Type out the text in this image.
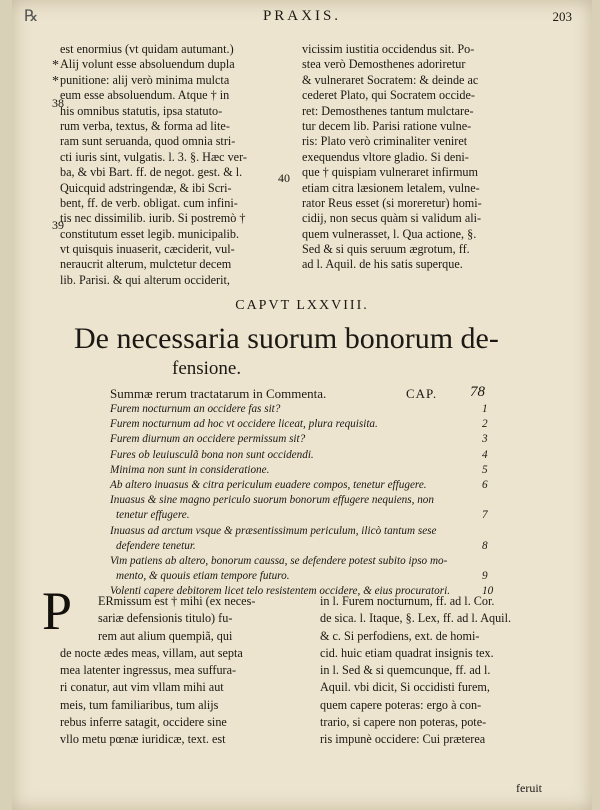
℞	PRAXIS.	203
*
*
38
39
40
est enormius (vt quidam autumant.)
Alij volunt esse absoluendum dupla
punitione: alij verò minima mulcta
eum esse absoluendum. Atque † in
his omnibus statutis, ipsa statuto-
rum verba, textus, & forma ad lite-
ram sunt seruanda, quod omnia stri-
cti iuris sint, vulgatis. l. 3. §. Hæc ver-
ba, & vbi Bart. ff. de negot. gest. & l.
Quicquid adstringendæ, & ibi Scri-
bent, ff. de verb. obligat. cum infini-
tis nec dissimilib. iurib. Si postremò †
constitutum esset legib. municipalib.
vt quisquis inuaserit, cæciderit, vul-
neraucrit alterum, mulctetur decem
lib. Parisi. & qui alterum occiderit,
vicissim iustitia occidendus sit. Po-
stea verò Demosthenes adoriretur
& vulneraret Socratem: & deinde ac
cederet Plato, qui Socratem occide-
ret: Demosthenes tantum mulctare-
tur decem lib. Parisi ratione vulne-
ris: Plato verò criminaliter veniret
exequendus vltore gladio. Si deni-
que † quispiam vulneraret infirmum
etiam citra læsionem letalem, vulne-
rator Reus esset (si moreretur) homi-
cidij, non secus quàm si validum ali-
quem vulnerasset, l. Qua actione, §.
Sed & si quis seruum ægrotum, ff.
ad l. Aquil. de his satis superque.
CAPVT LXXVIII.
De necessaria suorum bonorum de-
fensione.
Summæ rerum tractatarum in Commenta.	CAP. 78
Furem nocturnum an occidere fas sit?	1
Furem nocturnum ad hoc vt occidere liceat, plura requisita.	2
Furem diurnum an occidere permissum sit?	3
Fures ob leuiusculã bona non sunt occidendi.	4
Minima non sunt in consideratione.	5
Ab altero inuasus & citra periculum euadere compos, tenetur effugere.	6
Inuasus & sine magno periculo suorum bonorum effugere nequiens, non
tenetur effugere.	7
Inuasus ad arctum vsque & præsentissimum periculum, ilicò tantum sese
defendere tenetur.	8
Vim patiens ab altero, bonorum caussa, se defendere potest subito ipso mo-
mento, & quouis etiam tempore futuro.	9
Volenti capere debitorem licet telo resistentem occidere, & eius procuratori.	10
P	ERmissum est † mihi (ex neces-
sariæ defensionis titulo) fu-
rem aut alium quempiã, qui
de nocte ædes meas, villam, aut septa
mea latenter ingressus, mea suffura-
ri conatur, aut vim vllam mihi aut
meis, tum familiaribus, tum alijs
rebus inferre satagit, occidere sine
vllo metu pœnæ iuridicæ, text. est
in l. Furem nocturnum, ff. ad l. Cor.
de sica. l. Itaque, §. Lex, ff. ad l. Aquil.
& c. Si perfodiens, ext. de homi-
cid. huic etiam quadrat insignis tex.
in l. Sed & si quemcunque, ff. ad l.
Aquil. vbi dicit, Si occidisti furem,
quem capere poteras: ergo à con-
trario, si capere non poteras, pote-
ris impunè occidere: Cui præterea
feruit
